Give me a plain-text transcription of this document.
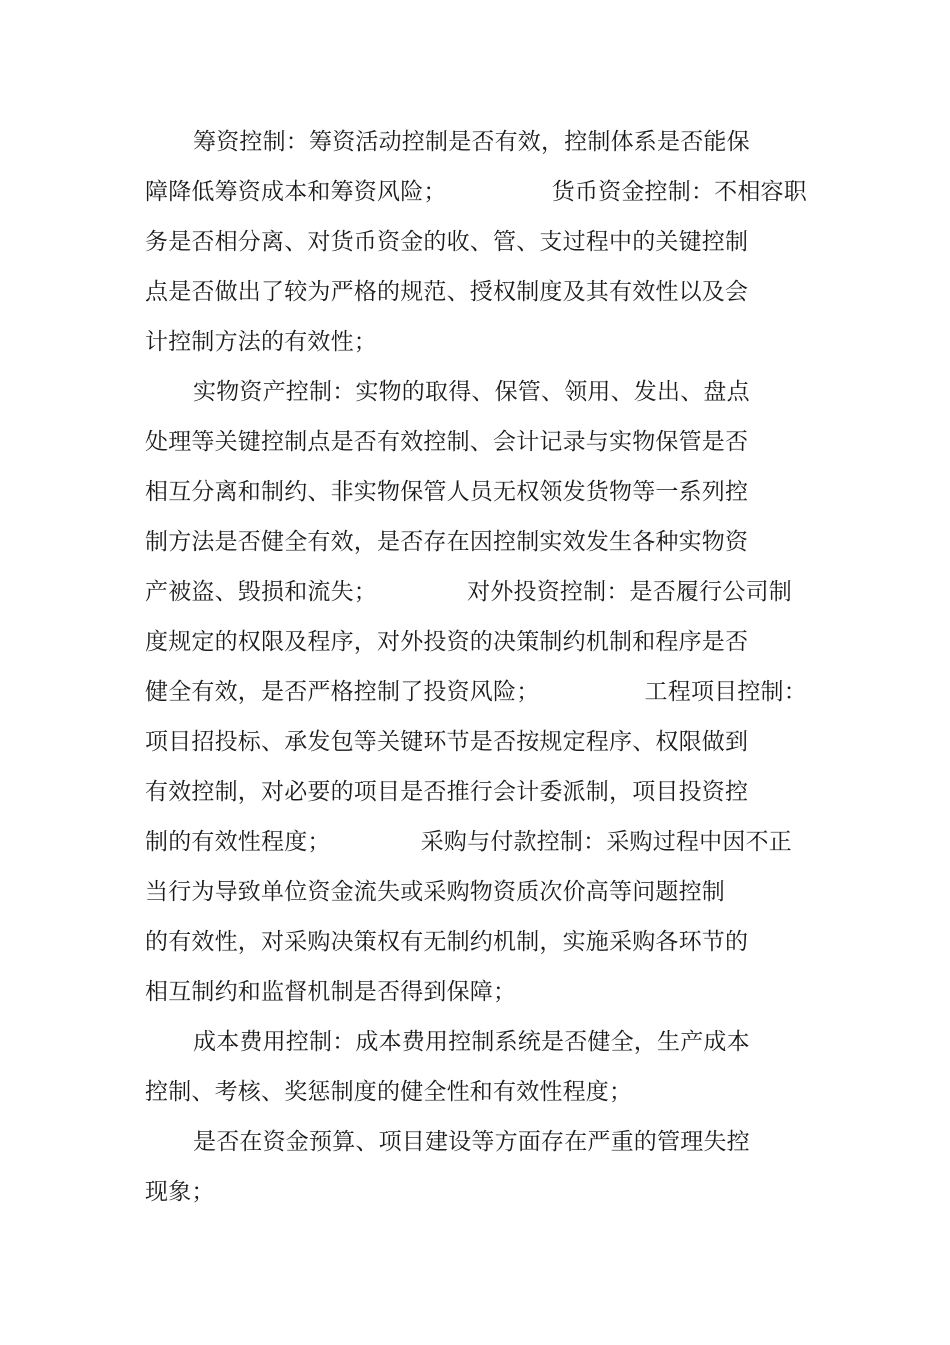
筹资控制：筹资活动控制是否有效，控制体系是否能保
障降低筹资成本和筹资风险；              货币资金控制：不相容职
务是否相分离、对货币资金的收、管、支过程中的关键控制
点是否做出了较为严格的规范、授权制度及其有效性以及会
计控制方法的有效性；
实物资产控制：实物的取得、保管、领用、发出、盘点
处理等关键控制点是否有效控制、会计记录与实物保管是否
相互分离和制约、非实物保管人员无权领发货物等一系列控
制方法是否健全有效，是否存在因控制实效发生各种实物资
产被盗、毁损和流失；            对外投资控制：是否履行公司制
度规定的权限及程序，对外投资的决策制约机制和程序是否
健全有效，是否严格控制了投资风险；              工程项目控制：
项目招投标、承发包等关键环节是否按规定程序、权限做到
有效控制，对必要的项目是否推行会计委派制，项目投资控
制的有效性程度；            采购与付款控制：采购过程中因不正
当行为导致单位资金流失或采购物资质次价高等问题控制
的有效性，对采购决策权有无制约机制，实施采购各环节的
相互制约和监督机制是否得到保障；
成本费用控制：成本费用控制系统是否健全，生产成本
控制、考核、奖惩制度的健全性和有效性程度；
是否在资金预算、项目建设等方面存在严重的管理失控
现象；
